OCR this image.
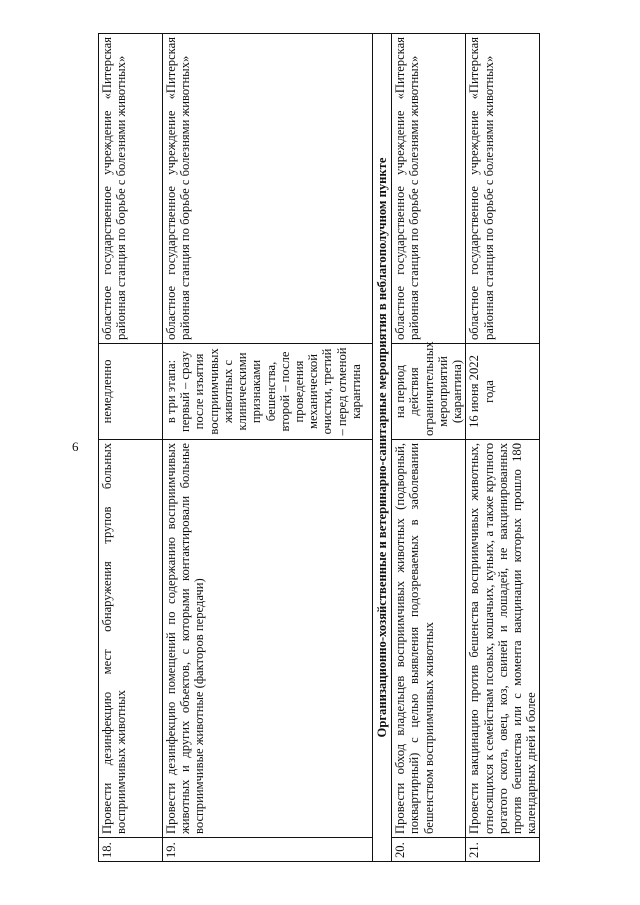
6
18.	Провести дезинфекцию мест обнаружения трупов больных восприимчивых животных	немедленно	областное государственное учреждение «Питерская районная станция по борьбе с болезнями животных»
19.	Провести дезинфекцию помещений по содержанию восприимчивых животных и других объектов, с которыми контактировали больные восприимчивые животные (факторов передачи)	в три этапа: первый – сразу после изъятия восприимчивых животных с клиническими признаками бешенства, второй – после проведения механической очистки, третий – перед отменой карантина	областное государственное учреждение «Питерская районная станция по борьбе с болезнями животных»
Организационно-хозяйственные и ветеринарно-санитарные мероприятия в неблагополучном пункте			
20.	Провести обход владельцев восприимчивых животных (подворный, поквартирный) с целью выявления подозреваемых в заболевании бешенством восприимчивых животных	на период действия ограничительных мероприятий (карантина)	областное государственное учреждение «Питерская районная станция по борьбе с болезнями животных»
21.	Провести вакцинацию против бешенства восприимчивых животных, относящихся к семействам псовых, кошачьих, куньих, а также крупного рогатого скота, овец, коз, свиней и лошадей, не вакцинированных против бешенства или с момента вакцинации которых прошло 180 календарных дней и более	16 июня 2022 года	областное государственное учреждение «Питерская районная станция по борьбе с болезнями животных»
